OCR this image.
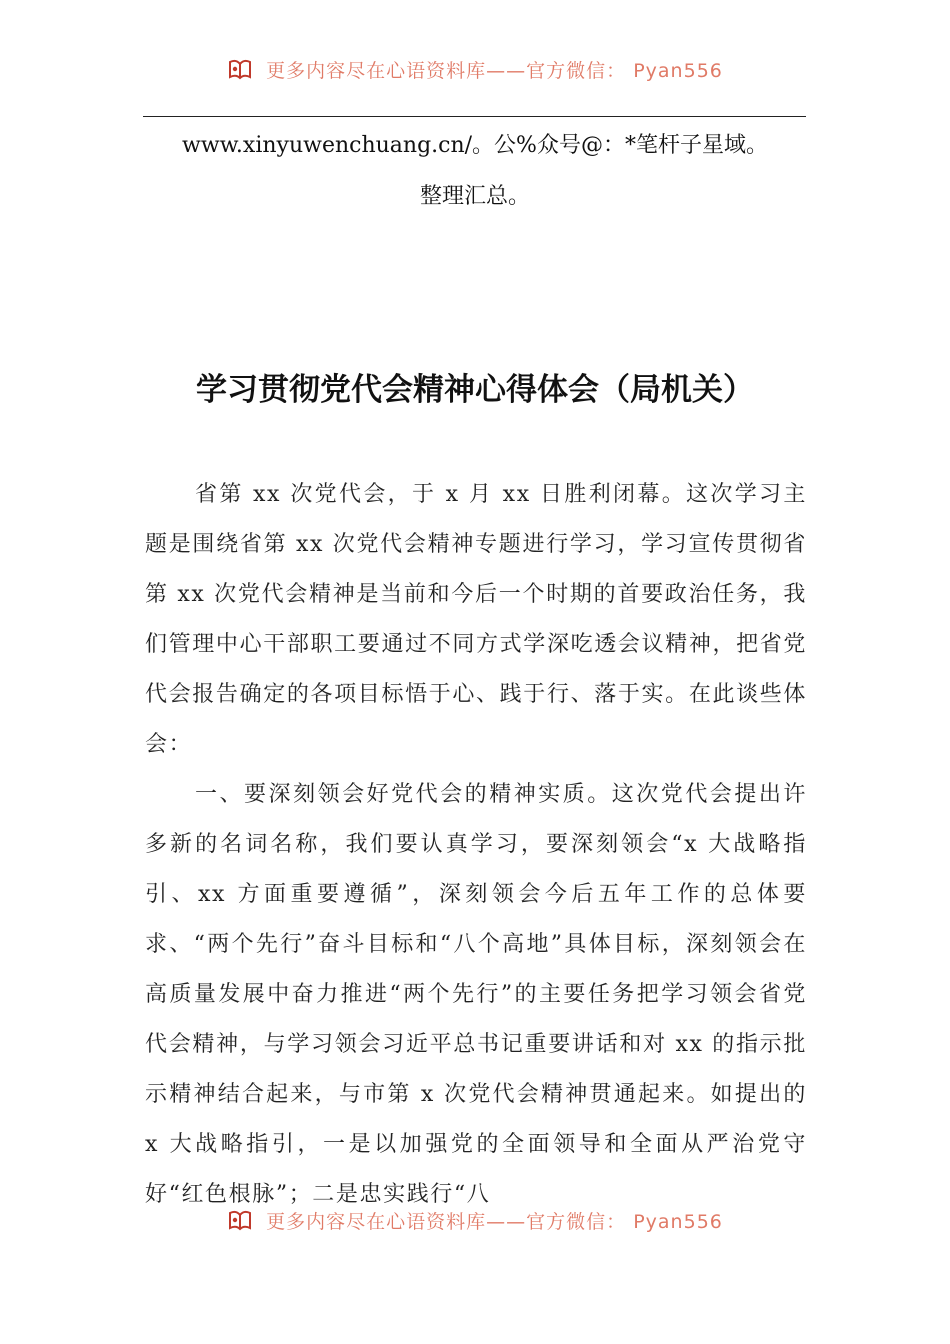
更多内容尽在心语资料库——官方微信： Pyan556
www.xinyuwenchuang.cn/。公%众号@：*笔杆子星域。
整理汇总。
学习贯彻党代会精神心得体会（局机关）

省第 xx 次党代会，于 x 月 xx 日胜利闭幕。这次学习主题是围绕省第 xx 次党代会精神专题进行学习，学习宣传贯彻省第 xx 次党代会精神是当前和今后一个时期的首要政治任务，我们管理中心干部职工要通过不同方式学深吃透会议精神，把省党代会报告确定的各项目标悟于心、践于行、落于实。在此谈些体会：

一、要深刻领会好党代会的精神实质。这次党代会提出许多新的名词名称，我们要认真学习，要深刻领会“x 大战略指引、xx 方面重要遵循”，深刻领会今后五年工作的总体要求、“两个先行”奋斗目标和“八个高地”具体目标，深刻领会在高质量发展中奋力推进“两个先行”的主要任务把学习领会省党代会精神，与学习领会习近平总书记重要讲话和对 xx 的指示批示精神结合起来，与市第 x 次党代会精神贯通起来。如提出的 x 大战略指引，一是以加强党的全面领导和全面从严治党守好“红色根脉”；二是忠实践行“八

更多内容尽在心语资料库——官方微信： Pyan556
